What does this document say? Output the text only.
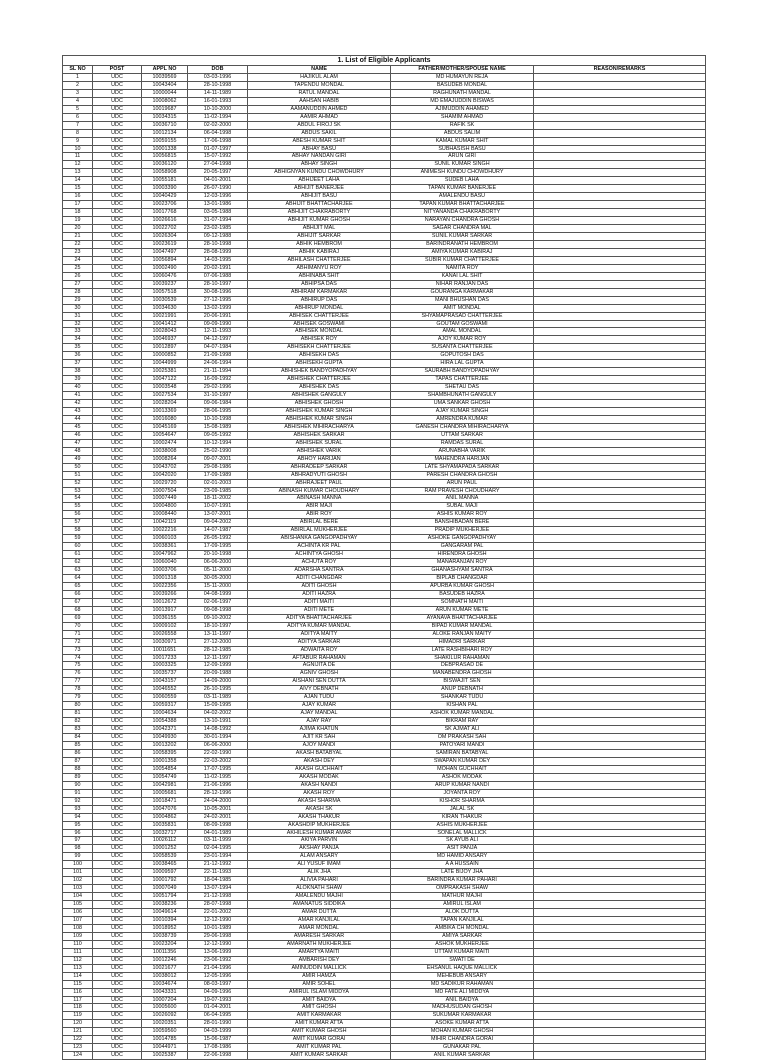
1. List of Eligible Applicants						
SL NO	POST	APPL NO	DOB	NAME	FATHER/MOTHER/SPOUSE NAME	REASON/REMARKS
1	UDC	10039569	03-03-1996	HAJIKUL ALAM	MD HUMAYUN REJA	
2	UDC	10043404	28-10-1998	TAPENDU MONDAL	BASUDEB MONDAL	
3	UDC	10000044	14-11-1989	RATUL MANDAL	RAGHUNATH MANDAL	
4	UDC	10008062	16-01-1993	AAHSAN HABIB	MD EMAJUDDIN BISWAS	
5	UDC	10019687	10-10-2000	AAMANUDDIN AHMED	AJIMUDDIN AHAMED	
6	UDC	10034315	11-02-1994	AAMIR AHMAD	SHAMIM AHMAD	
7	UDC	10036710	02-02-2000	ABDUL FIROJ SK	RAFIK SK	
8	UDC	10012134	06-04-1998	ABDUS SAKIL	ABDUS SALIM	
9	UDC	10059155	17-06-1998	ABESH KUMAR SHIT	KAMAL KUMAR SHIT	
10	UDC	10001338	01-07-1997	ABHAY BASU	SUBHASISH BASU	
11	UDC	10056815	15-07-1992	ABHAY NANDAN GIRI	ARUN GIRI	
12	UDC	10036120	27-04-1998	ABHAY SINGH	SUNIL KUMAR SINGH	
13	UDC	10058908	20-05-1997	ABHIGNYAN KUNDU CHOWDHURY	ANIMESH KUNDU CHOWDHURY	
14	UDC	10055181	04-01-2001	ABHIJEET LAHA	SUDEB LAHA	
15	UDC	10003390	26-07-1990	ABHIJIT BANERJEE	TAPAN KUMAR BANERJEE	
16	UDC	10040429	12-03-1996	ABHIJIT BASU	AMALENDU BASU	
17	UDC	10023706	13-01-1986	ABHIJIT BHATTACHARJEE	TAPAN KUMAR BHATTACHARJEE	
18	UDC	10017768	03-05-1988	ABHIJIT CHAKRABORTY	NITYANANDA CHAKRABORTY	
19	UDC	10026616	31-07-1994	ABHIJIT KUMAR GHOSH	NARAYAN CHANDRA GHOSH	
20	UDC	10022702	23-02-1985	ABHIJIT MAL	SAGAR CHANDRA MAL	
21	UDC	10026304	09-12-1988	ABHIJIT SARKAR	SUNIL KUMAR SARKAR	
22	UDC	10023619	28-10-1998	ABHIK HEMBROM	BARINDRANATH HEMBROM	
23	UDC	10047497	28-08-1999	ABHIK KABIRAJ	AMIYA KUMAR KABIRAJ	
24	UDC	10056894	14-03-1995	ABHILASH CHATTERJEE	SUBIR KUMAR CHATTERJEE	
25	UDC	10002490	20-02-1991	ABHIMANYU ROY	NAMITA ROY	
26	UDC	10060476	07-06-1988	ABHINABA SHIT	KANAI LAL SHIT	
27	UDC	10039237	28-10-1997	ABHIPSA DAS	NIHAR RANJAN DAS	
28	UDC	10057518	30-08-1996	ABHIRAM KARMAKAR	GOURANGA KARMAKAR	
29	UDC	10030539	27-12-1995	ABHIRUP DAS	MANI BHUSHAN DAS	
30	UDC	10034630	13-02-1999	ABHIRUP MONDAL	AMIT MONDAL	
31	UDC	10021991	20-06-1991	ABHISEK CHATTERJEE	SHYAMAPRASAD CHATTERJEE	
32	UDC	10041412	09-09-1990	ABHISEK GOSWAMI	GOUTAM GOSWAMI	
33	UDC	10028043	12-11-1993	ABHISEK MONDAL	AMAL MONDAL	
34	UDC	10046937	04-12-1997	ABHISEK ROY	AJOY KUMAR ROY	
35	UDC	10012897	04-07-1984	ABHISEKH CHATTERJEE	SUSANTA CHATTERJEE	
36	UDC	10000852	21-09-1998	ABHISEKH DAS	GOPUTOSH DAS	
37	UDC	10044999	24-06-1994	ABHISEKH GUPTA	HIRA LAL GUPTA	
38	UDC	10025381	21-11-1994	ABHISHEK BANDYOPADHYAY	SAURABH BANDYOPADHYAY	
39	UDC	10047122	16-09-1992	ABHISHEK CHATTERJEE	TAPAS CHATTERJEE	
40	UDC	10003548	29-02-1996	ABHISHEK DAS	SHETAU DAS	
41	UDC	10027534	31-10-1997	ABHISHEK GANGULY	SHAMBHUNATH GANGULY	
42	UDC	10028204	09-06-1984	ABHISHEK GHOSH	UMA SANKAR GHOSH	
43	UDC	10013369	28-06-1995	ABHISHEK KUMAR SINGH	AJAY KUMAR SINGH	
44	UDC	10016080	10-10-1998	ABHISHEK KUMAR SINGH	AMRENDRA KUMAR	
45	UDC	10045169	15-08-1989	ABHISHEK MIHIRACHARYA	GANESH CHANDRA MIHIRACHARYA	
46	UDC	10054647	09-05-1992	ABHISHEK SARKAR	UTTAM SARKAR	
47	UDC	10002474	10-12-1994	ABHISHEK SURAL	RAMDAS SURAL	
48	UDC	10038008	25-02-1990	ABHISHEK VARIK	ARUNABHA VARIK	
49	UDC	10008264	09-07-2001	ABHOY HARIJAN	MAHENDRA HARIJAN	
50	UDC	10043702	29-08-1986	ABHRADEEP SARKAR	LATE SHYAMAPADA SARKAR	
51	UDC	10042020	17-09-1989	ABHRADYUTI GHOSH	PARESH CHANDRA GHOSH	
52	UDC	10029720	02-01-2003	ABHRAJEET PAUL	ARUN PAUL	
53	UDC	10007504	23-09-1985	ABINASH KUMAR CHOUDHARY	RAM PRAVESH CHOUDHARY	
54	UDC	10007449	18-11-2002	ABINASH MANNA	ANIL MANNA	
55	UDC	10004800	10-07-1991	ABIR MAJI	SUBAL MAJI	
56	UDC	10008440	13-07-2001	ABIR ROY	ASHIS KUMAR ROY	
57	UDC	10042119	09-04-2002	ABIRLAL BERE	BANSHIBADAN BERE	
58	UDC	10022216	14-07-1987	ABIRLAL MUKHERJEE	PRADIP MUKHERJEE	
59	UDC	10060103	26-05-1992	ABISHANKA GANGOPADHYAY	ASHOKE GANGOPADHYAY	
60	UDC	10038361	17-09-1995	ACHINTA KR PAL	GANGARAM PAL	
61	UDC	10047962	20-10-1998	ACHINTYA GHOSH	HIRENDRA GHOSH	
62	UDC	10060040	06-06-2000	ACHUTA ROY	MANARANJAN ROY	
63	UDC	10003706	05-11-2000	ADARSHA SANTRA	GHANASHYAM SANTRA	
64	UDC	10001318	30-05-2000	ADITI CHANGDAR	BIPLAB CHANGDAR	
65	UDC	10022356	15-11-2000	ADITI GHOSH	APURBA KUMAR GHOSH	
66	UDC	10039266	04-08-1999	ADITI HAZRA	BASUDEB HAZRA	
67	UDC	10012672	02-06-1997	ADITI MAITI	SOMNATH MAITI	
68	UDC	10013917	09-08-1998	ADITI METE	ARUN KUMAR METE	
69	UDC	10036155	09-10-2002	ADITYA BHATTACHARJEE	AYANAVA BHATTACHARJEE	
70	UDC	10009102	18-10-1997	ADITYA KUMAR MANDAL	BIPAD KUMAR MANDAL	
71	UDC	10026558	13-11-1997	ADITYA MAITY	ALOKE RANJAN MAITY	
72	UDC	10030971	27-12-2000	ADITYA SARKAR	HIMADRI SARKAR	
73	UDC	10011651	28-12-1985	ADWAITA ROY	LATE RASHBIHARI ROY	
74	UDC	10017233	12-11-1997	AFTABUR RAHAMAN	SHAKILUR RAHAMAN	
75	UDC	10003325	12-09-1999	AGNIJITA DE	DEBPRASAD DE	
76	UDC	10035737	20-09-1988	AGNIV GHOSH	MANABENDRA GHOSH	
77	UDC	10043157	14-09-2000	AISHANI SEN DUTTA	BISWAJIT SEN	
78	UDC	10046552	26-10-1995	AIVY DEBNATH	ANUP DEBNATH	
79	UDC	10060559	03-11-1989	AJAN TUDU	SHANKAR TUDU	
80	UDC	10059317	15-09-1995	AJAY KUMAR	KISHAN PAL	
81	UDC	10004634	04-02-2002	AJAY MANDAL	ASHOK KUMAR MANDAL	
82	UDC	10054388	13-10-1991	AJAY RAY	BIKRAM RAY	
83	UDC	10042371	14-08-1992	AJIMA KHATUN	SK AJMAT ALI	
84	UDC	10049930	30-01-1994	AJIT KR SAH	OM PRAKASH SAH	
85	UDC	10013202	06-06-2000	AJOY MANDI	PATOYARI MANDI	
86	UDC	10058395	22-02-1990	AKASH BATABYAL	SAMIRAN BATABYAL	
87	UDC	10001358	22-03-2002	AKASH DEY	SWAPAN KUMAR DEY	
88	UDC	10054854	17-07-1995	AKASH GUCHHAIT	MOHAN GUCHHAIT	
89	UDC	10054749	11-02-1995	AKASH MODAK	ASHOK MODAK	
90	UDC	10042981	21-06-1996	AKASH NANDI	ARUP KUMAR NANDI	
91	UDC	10005681	28-12-1996	AKASH ROY	JOYANTA ROY	
92	UDC	10018471	24-04-2000	AKASH SHARMA	KISHOR SHARMA	
93	UDC	10047076	10-05-2001	AKASH SK	JALAL SK	
94	UDC	10004862	24-02-2001	AKASH THAKUR	KIRAN THAKUR	
95	UDC	10035831	08-09-1998	AKASHDIP MUKHERJEE	ASHIS MUKHERJEE	
96	UDC	10032717	04-01-1989	AKHILESH KUMAR AMAR	SONELAL MALLICK	
97	UDC	10026112	03-11-1999	AKIYA PARVIN	SK AYUB ALI	
98	UDC	10001252	02-04-1995	AKSHAY PANJA	ASIT PANJA	
99	UDC	10058539	23-01-1994	ALAM ANSARY	MD HAMID ANSARY	
100	UDC	10038465	21-12-1992	ALI YUSUF IMAM	A A HUSSAIN	
101	UDC	10009597	22-11-1993	ALIK JHA	LATE BIJOY JHA	
102	UDC	10001792	18-04-1985	ALIVIA PAHARI	BARINDRA KUMAR PAHARI	
103	UDC	10007049	13-07-1994	ALOKNATH SHAW	OMPRAKASH SHAW	
104	UDC	10051794	21-12-1998	AMALENDU MAJHI	MATHUR MAJHI	
105	UDC	10038236	28-07-1998	AMANATUS SIDDIKA	AMIRUL ISLAM	
106	UDC	10049614	22-01-2002	AMAR DUTTA	ALOK DUTTA	
107	UDC	10010394	12-12-1990	AMAR KANJILAL	TAPAN KANJILAL	
108	UDC	10018952	10-01-1989	AMAR MONDAL	AMBIKA CH MONDAL	
109	UDC	10038739	29-06-1998	AMARESH SARKAR	AMIYA SARKAR	
110	UDC	10023204	12-12-1990	AMARNATH MUKHERJEE	ASHOK MUKHERJEE	
111	UDC	10011356	13-06-1999	AMARTYA MAITI	UTTAM KUMAR MAITI	
112	UDC	10012246	23-06-1992	AMBARISH DEY	SWATI DE	
113	UDC	10021677	21-04-1996	AMINUDDIN MALLICK	EHSANUL HAQUE MALLICK	
114	UDC	10038012	12-05-1996	AMIR HAMZA	MEHEBUB ANSARY	
115	UDC	10034674	08-03-1997	AMIR SOHEL	MD SADIKUR RAHAMAN	
116	UDC	10043331	04-09-1996	AMIRUL ISLAM MIDDYA	MD FATE ALI MIDDYA	
117	UDC	10007204	19-07-1993	AMIT BAIDYA	ANIL BAIDYA	
118	UDC	10005600	01-04-2001	AMIT GHOSH	MADHUSUDAN GHOSH	
119	UDC	10026092	06-04-1995	AMIT KARMAKAR	SUKUMAR KARMAKAR	
120	UDC	10020351	28-01-1990	AMIT KUMAR ATTA	ASOKE KUMAR ATTA	
121	UDC	10059560	04-03-1999	AMIT KUMAR GHOSH	MOHAN KUMAR GHOSH	
122	UDC	10014785	15-06-1987	AMIT KUMAR GORAI	MIHIR CHANDRA GORAI	
123	UDC	10044971	17-08-1986	AMIT KUMAR PAL	GUNAKAR PAL	
124	UDC	10025387	22-06-1998	AMIT KUMAR SARKAR	ANIL KUMAR SARKAR	
